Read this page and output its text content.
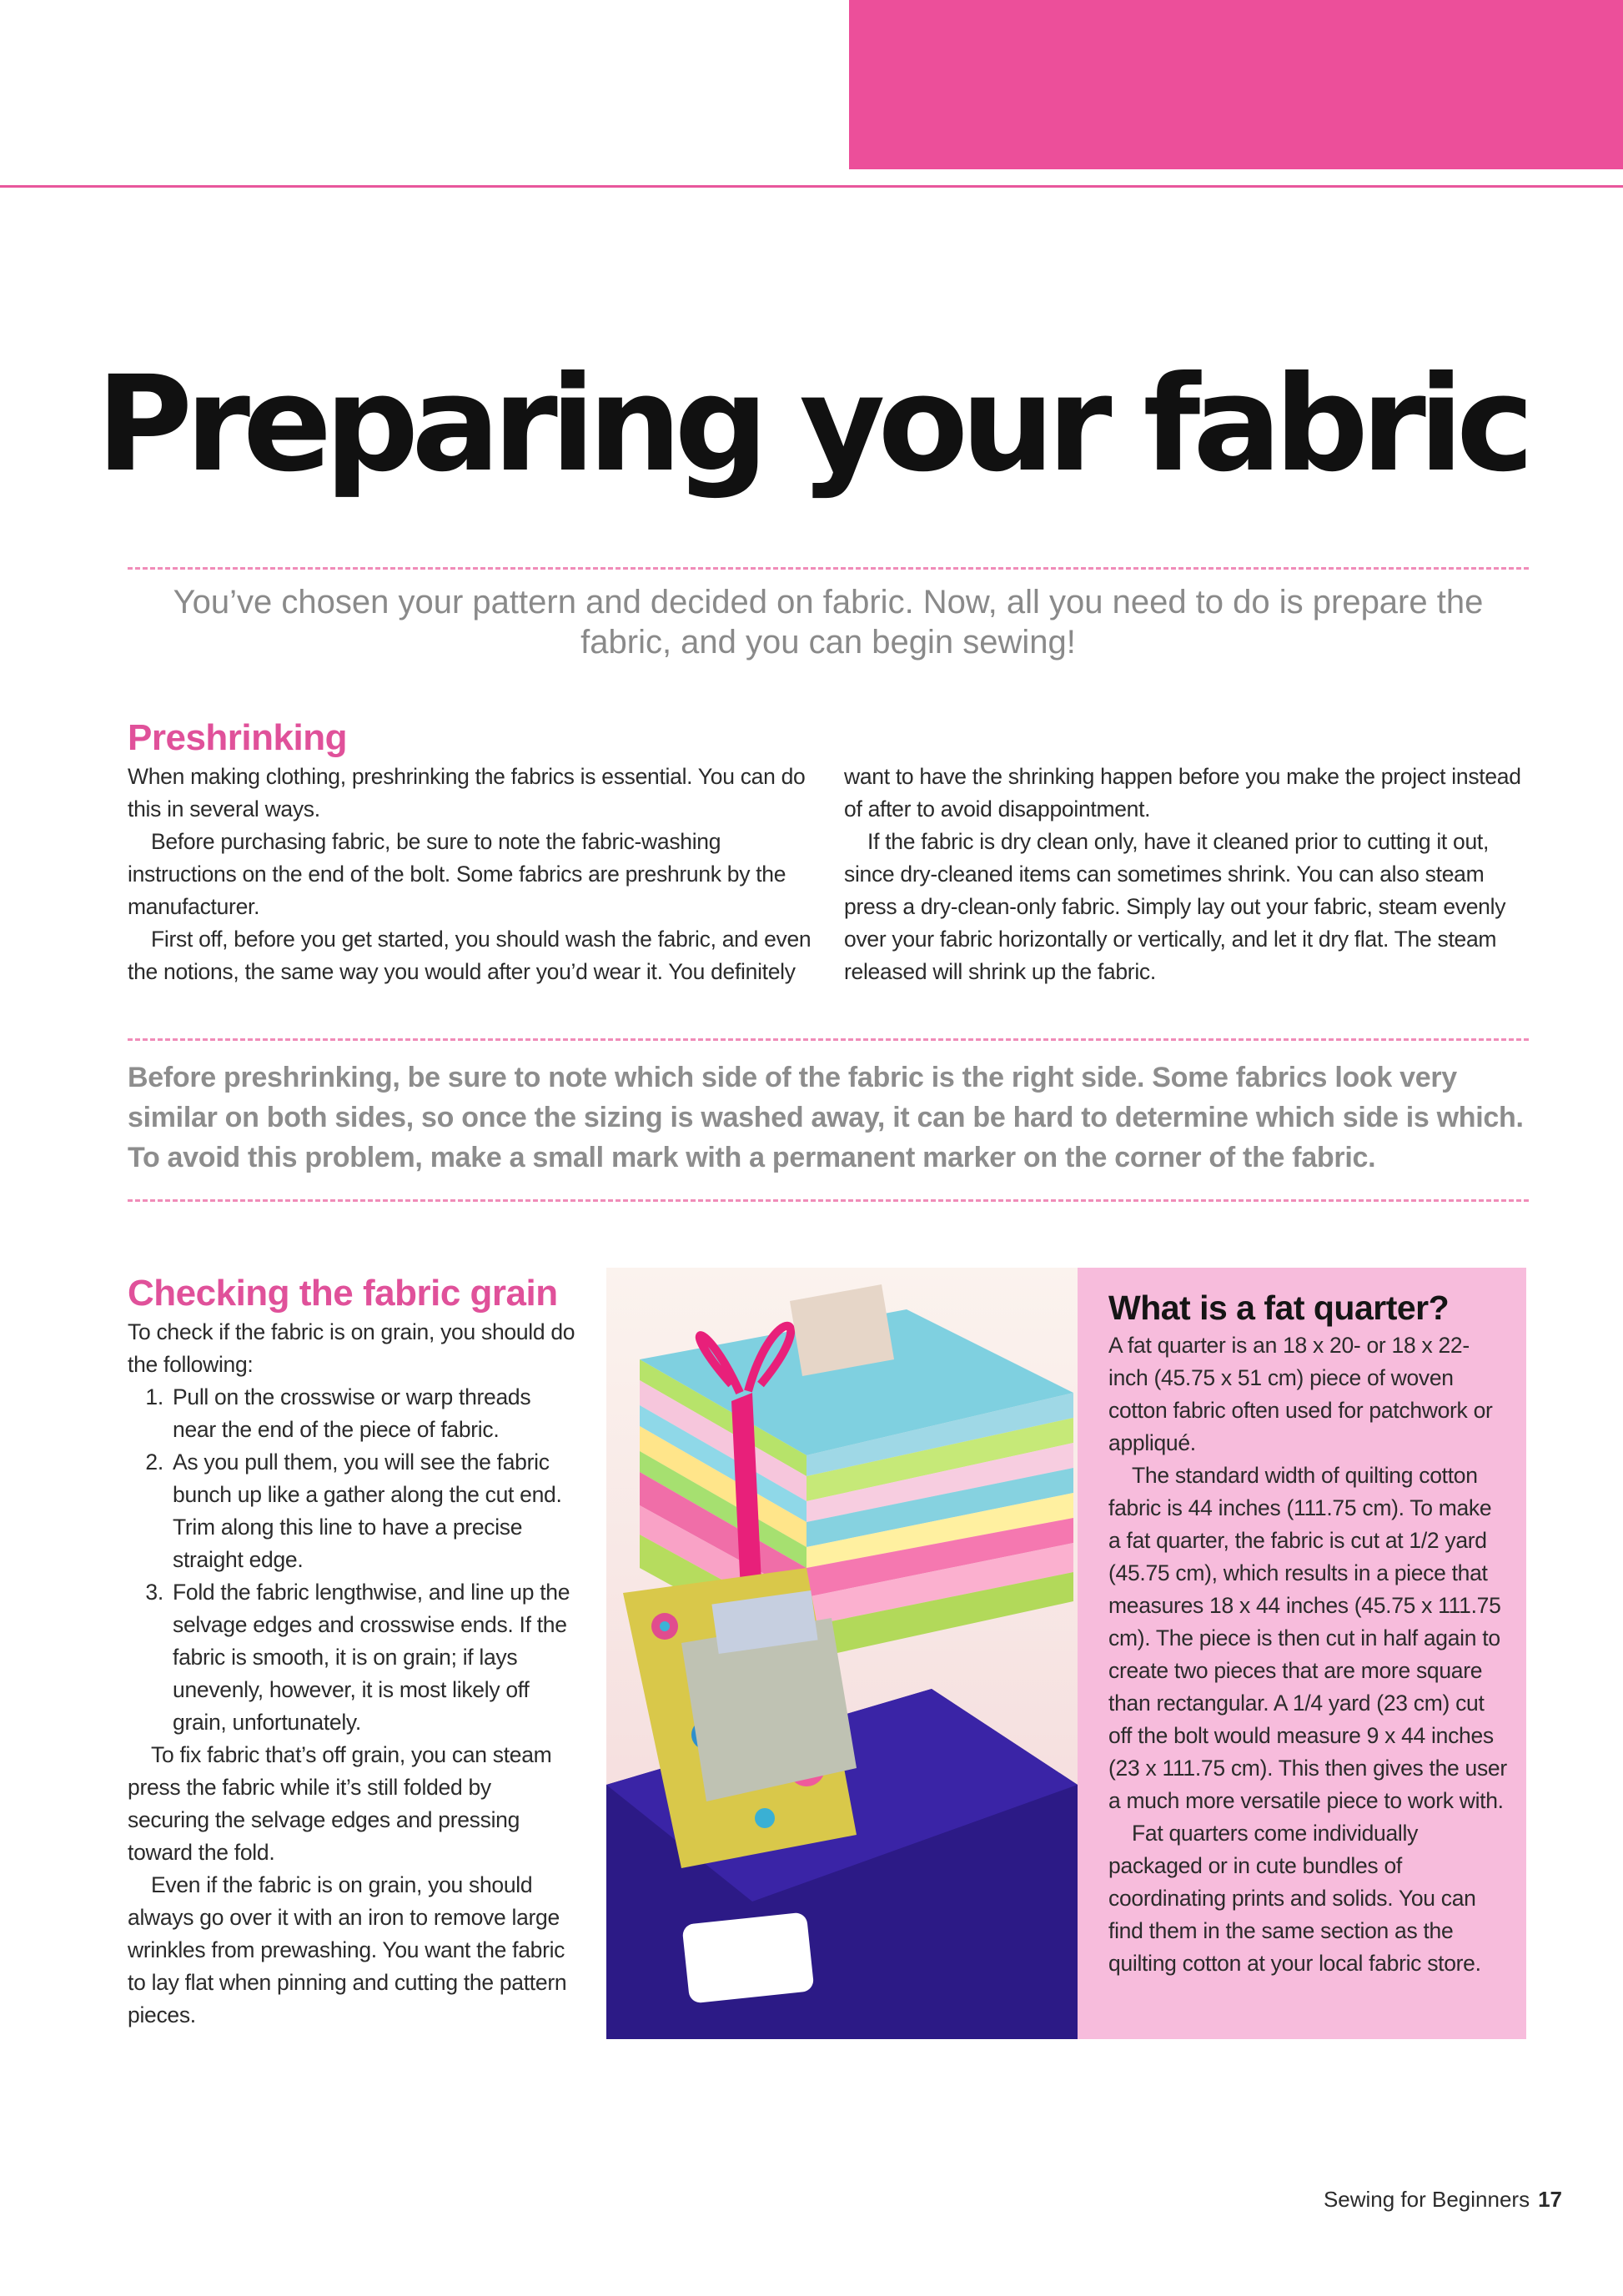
Preparing your fabric

You’ve chosen your pattern and decided on fabric. Now, all you need to do is prepare the fabric, and you can begin sewing!

Preshrinking

When making clothing, preshrinking the fabrics is essential. You can do this in several ways.

Before purchasing fabric, be sure to note the fabric-washing instructions on the end of the bolt. Some fabrics are preshrunk by the manufacturer.

First off, before you get started, you should wash the fabric, and even the notions, the same way you would after you’d wear it. You definitely

want to have the shrinking happen before you make the project instead of after to avoid disappointment.

If the fabric is dry clean only, have it cleaned prior to cutting it out, since dry-cleaned items can sometimes shrink. You can also steam press a dry-clean-only fabric. Simply lay out your fabric, steam evenly over your fabric horizontally or vertically, and let it dry flat. The steam released will shrink up the fabric.

Before preshrinking, be sure to note which side of the fabric is the right side. Some fabrics look very similar on both sides, so once the sizing is washed away, it can be hard to determine which side is which. To avoid this problem, make a small mark with a permanent marker on the corner of the fabric.

Checking the fabric grain

To check if the fabric is on grain, you should do the following:

1. Pull on the crosswise or warp threads near the end of the piece of fabric.
2. As you pull them, you will see the fabric bunch up like a gather along the cut end. Trim along this line to have a precise straight edge.
3. Fold the fabric lengthwise, and line up the selvage edges and crosswise ends. If the fabric is smooth, it is on grain; if lays unevenly, however, it is most likely off grain, unfortunately.

To fix fabric that’s off grain, you can steam press the fabric while it’s still folded by securing the selvage edges and pressing toward the fold.

Even if the fabric is on grain, you should always go over it with an iron to remove large wrinkles from prewashing. You want the fabric to lay flat when pinning and cutting the pattern pieces.

What is a fat quarter?

A fat quarter is an 18 x 20- or 18 x 22-inch (45.75 x 51 cm) piece of woven cotton fabric often used for patchwork or appliqué.

The standard width of quilting cotton fabric is 44 inches (111.75 cm). To make a fat quarter, the fabric is cut at 1/2 yard (45.75 cm), which results in a piece that measures 18 x 44 inches (45.75 x 111.75 cm). The piece is then cut in half again to create two pieces that are more square than rectangular. A 1/4 yard (23 cm) cut off the bolt would measure 9 x 44 inches (23 x 111.75 cm). This then gives the user a much more versatile piece to work with.

Fat quarters come individually packaged or in cute bundles of coordinating prints and solids. You can find them in the same section as the quilting cotton at your local fabric store.

Sewing for Beginners 17
